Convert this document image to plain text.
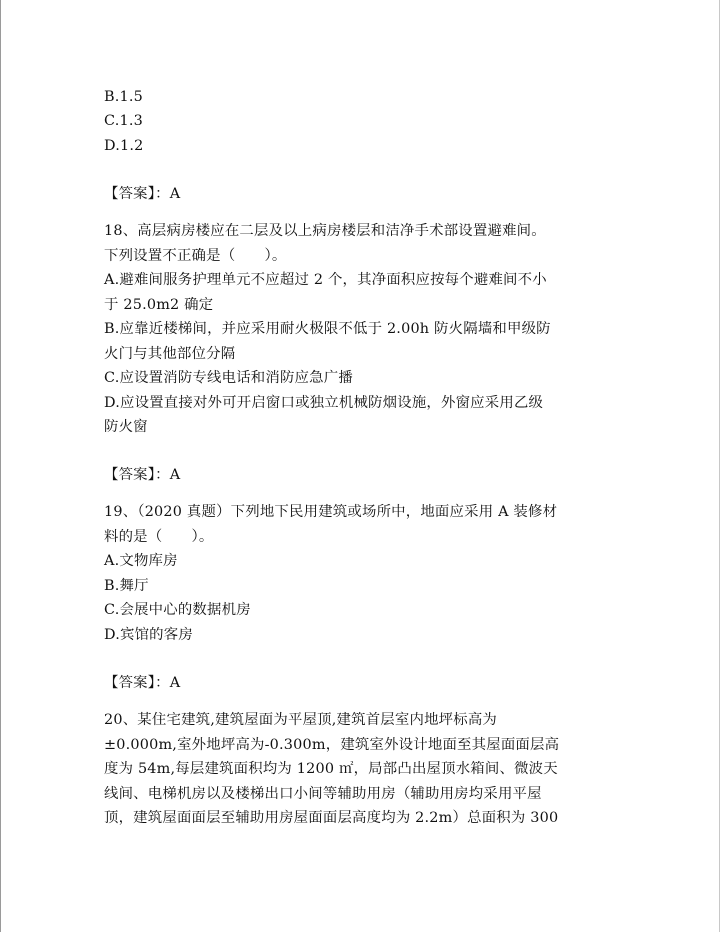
B.1.5
C.1.3
D.1.2
【答案】：A
18、高层病房楼应在二层及以上病房楼层和洁净手术部设置避难间。
下列设置不正确是（　　）。
A.避难间服务护理单元不应超过 2 个，其净面积应按每个避难间不小
于 25.0m2 确定
B.应靠近楼梯间，并应采用耐火极限不低于 2.00h 防火隔墙和甲级防
火门与其他部位分隔
C.应设置消防专线电话和消防应急广播
D.应设置直接对外可开启窗口或独立机械防烟设施，外窗应采用乙级
防火窗
【答案】：A
19、（2020 真题）下列地下民用建筑或场所中，地面应采用 A 装修材
料的是（　　）。
A.文物库房
B.舞厅
C.会展中心的数据机房
D.宾馆的客房
【答案】：A
20、某住宅建筑,建筑屋面为平屋顶,建筑首层室内地坪标高为
±0.000m,室外地坪高为-0.300m，建筑室外设计地面至其屋面面层高
度为 54m,每层建筑面积均为 1200 ㎡，局部凸出屋顶水箱间、微波天
线间、电梯机房以及楼梯出口小间等辅助用房（辅助用房均采用平屋
顶，建筑屋面面层至辅助用房屋面面层高度均为 2.2m）总面积为 300
